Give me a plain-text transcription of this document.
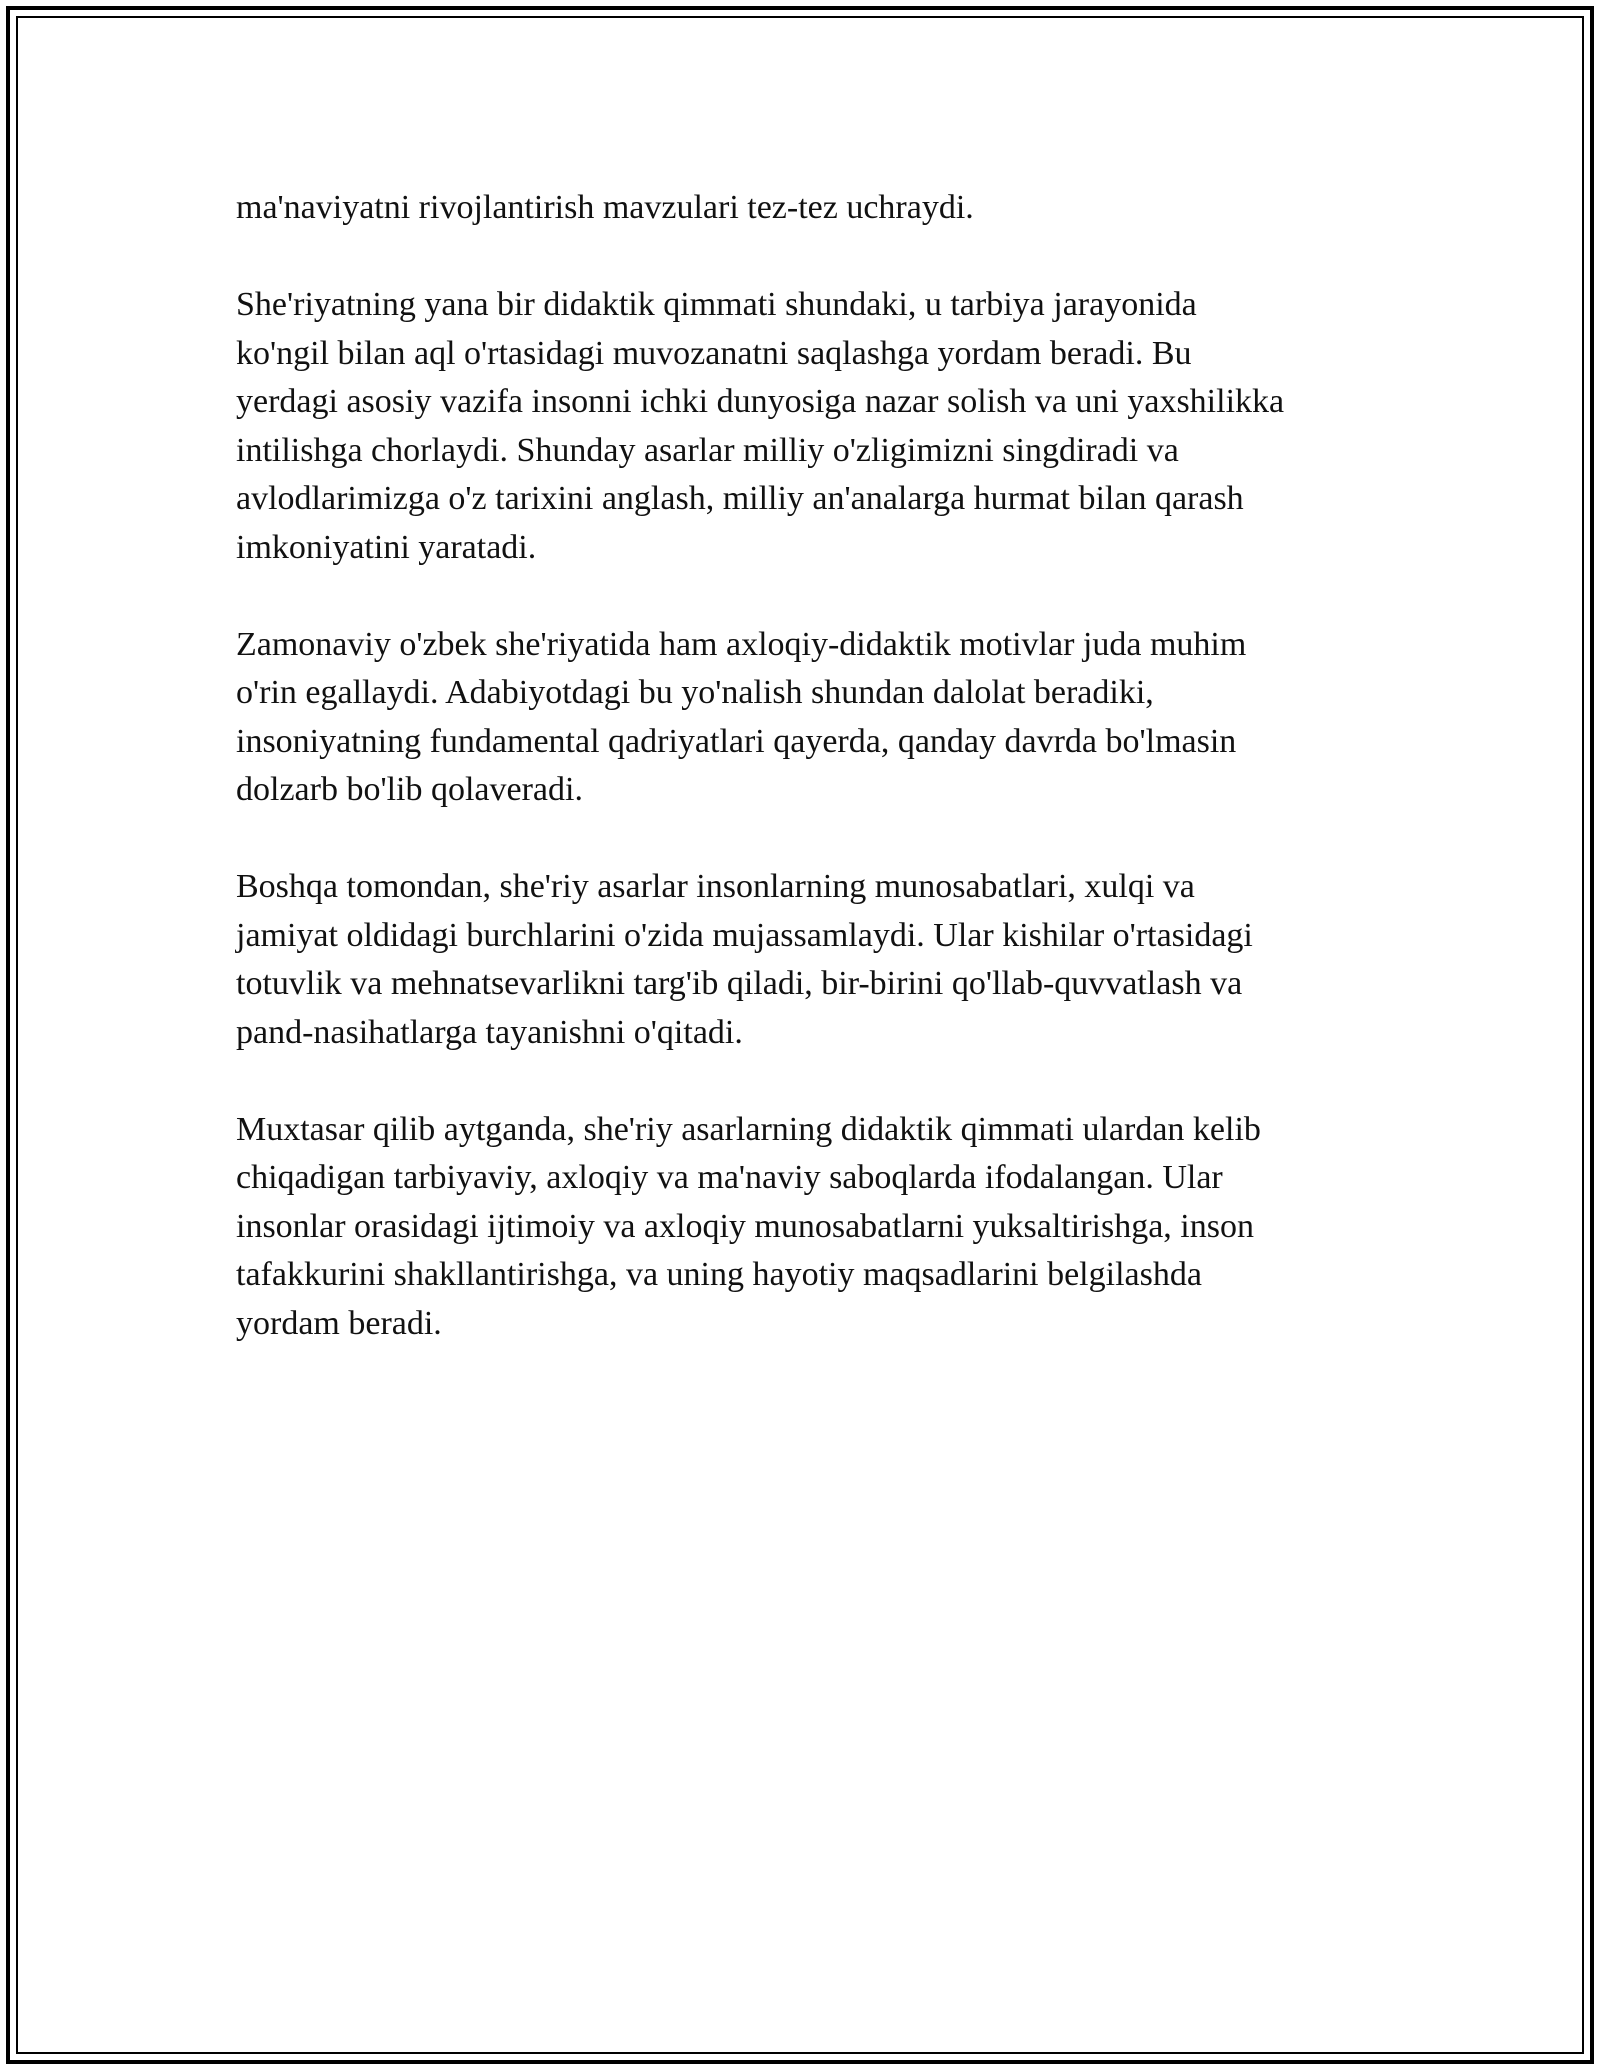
ma'naviyatni rivojlantirish mavzulari tez-tez uchraydi.

She'riyatning yana bir didaktik qimmati shundaki, u tarbiya jarayonida
ko'ngil bilan aql o'rtasidagi muvozanatni saqlashga yordam beradi. Bu
yerdagi asosiy vazifa insonni ichki dunyosiga nazar solish va uni yaxshilikka
intilishga chorlaydi. Shunday asarlar milliy o'zligimizni singdiradi va
avlodlarimizga o'z tarixini anglash, milliy an'analarga hurmat bilan qarash
imkoniyatini yaratadi.

Zamonaviy o'zbek she'riyatida ham axloqiy-didaktik motivlar juda muhim
o'rin egallaydi. Adabiyotdagi bu yo'nalish shundan dalolat beradiki,
insoniyatning fundamental qadriyatlari qayerda, qanday davrda bo'lmasin
dolzarb bo'lib qolaveradi.

Boshqa tomondan, she'riy asarlar insonlarning munosabatlari, xulqi va
jamiyat oldidagi burchlarini o'zida mujassamlaydi. Ular kishilar o'rtasidagi
totuvlik va mehnatsevarlikni targ'ib qiladi, bir-birini qo'llab-quvvatlash va
pand-nasihatlarga tayanishni o'qitadi.

Muxtasar qilib aytganda, she'riy asarlarning didaktik qimmati ulardan kelib
chiqadigan tarbiyaviy, axloqiy va ma'naviy saboqlarda ifodalangan. Ular
insonlar orasidagi ijtimoiy va axloqiy munosabatlarni yuksaltirishga, inson
tafakkurini shakllantirishga, va uning hayotiy maqsadlarini belgilashda
yordam beradi.
